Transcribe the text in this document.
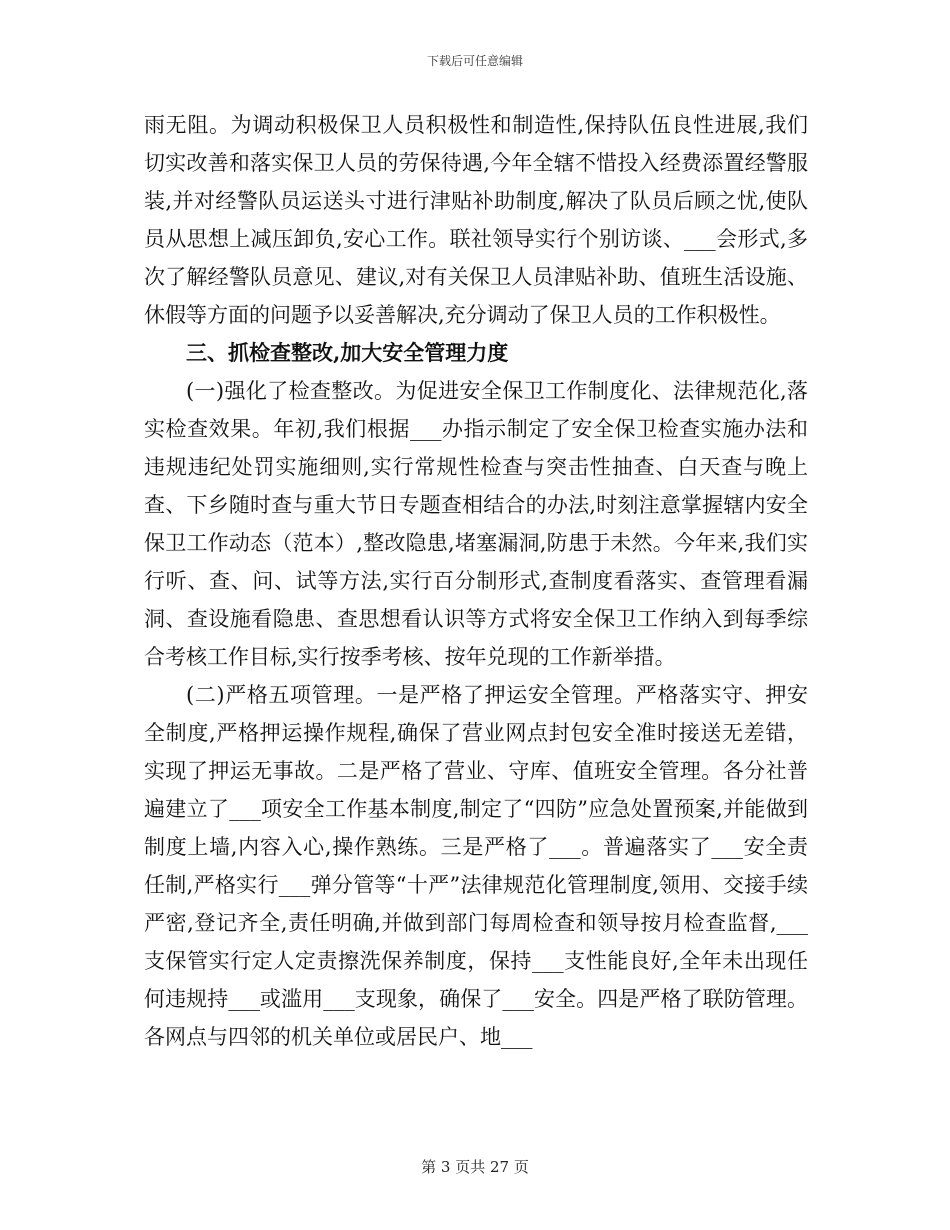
下载后可任意编辑

雨无阻。为调动积极保卫人员积极性和制造性,保持队伍良性进展,我们切实改善和落实保卫人员的劳保待遇,今年全辖不惜投入经费添置经警服装,并对经警队员运送头寸进行津贴补助制度,解决了队员后顾之忧,使队员从思想上减压卸负,安心工作。联社领导实行个别访谈、___会形式,多次了解经警队员意见、建议,对有关保卫人员津贴补助、值班生活设施、休假等方面的问题予以妥善解决,充分调动了保卫人员的工作积极性。

三、抓检查整改,加大安全管理力度

(一)强化了检查整改。为促进安全保卫工作制度化、法律规范化,落实检查效果。年初,我们根据___办指示制定了安全保卫检查实施办法和违规违纪处罚实施细则,实行常规性检查与突击性抽查、白天查与晚上查、下乡随时查与重大节日专题查相结合的办法,时刻注意掌握辖内安全保卫工作动态（范本）,整改隐患,堵塞漏洞,防患于未然。今年来,我们实行听、查、问、试等方法,实行百分制形式,查制度看落实、查管理看漏洞、查设施看隐患、查思想看认识等方式将安全保卫工作纳入到每季综合考核工作目标,实行按季考核、按年兑现的工作新举措。

(二)严格五项管理。一是严格了押运安全管理。严格落实守、押安全制度,严格押运操作规程,确保了营业网点封包安全准时接送无差错，实现了押运无事故。二是严格了营业、守库、值班安全管理。各分社普遍建立了___项安全工作基本制度,制定了“四防”应急处置预案,并能做到制度上墙,内容入心,操作熟练。三是严格了___。普遍落实了___安全责任制,严格实行___弹分管等“十严”法律规范化管理制度,领用、交接手续严密,登记齐全,责任明确,并做到部门每周检查和领导按月检查监督,___支保管实行定人定责擦洗保养制度，保持___支性能良好,全年未出现任何违规持___或滥用___支现象，确保了___安全。四是严格了联防管理。各网点与四邻的机关单位或居民户、地___

第 3 页共 27 页
